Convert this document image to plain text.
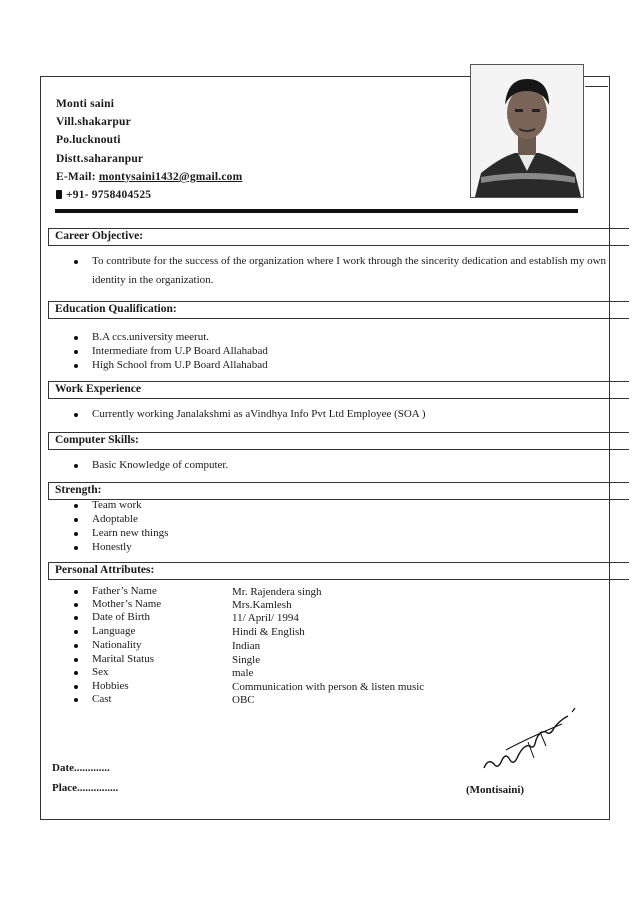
Monti saini
Vill.shakarpur
Po.lucknouti
Distt.saharanpur
E-Mail: montysaini1432@gmail.com
+91- 9758404525
Career Objective:
To contribute for the success of the organization where I work through the sincerity dedication and establish my own
identity in the organization.
Education Qualification:
B.A ccs.university meerut.
Intermediate from U.P Board Allahabad
High School from U.P Board Allahabad
Work Experience
Currently working Janalakshmi as aVindhya Info Pvt Ltd Employee (SOA )
Computer Skills:
Basic Knowledge of computer.
Strength:
Team work
Adoptable
Learn new things
Honestly
Personal Attributes:
Father’s Name	Mr. Rajendera singh
Mother’s Name	Mrs.Kamlesh
Date of Birth	11/ April/ 1994
Language	Hindi & English
Nationality	Indian
Marital Status	Single
Sex	male
Hobbies	Communication with person & listen music
Cast	OBC
Date.............
Place...............	(Montisaini)
